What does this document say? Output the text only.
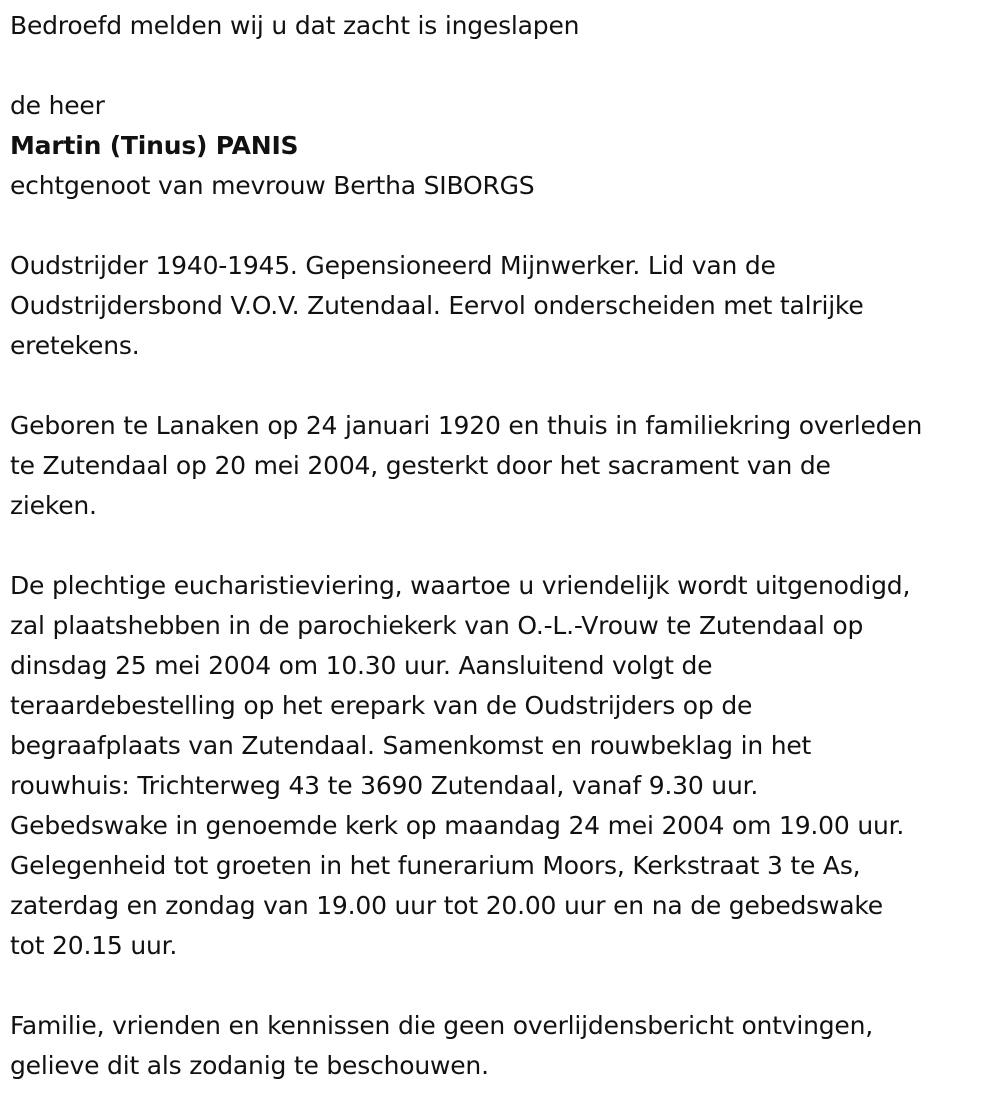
Bedroefd melden wij u dat zacht is ingeslapen

de heer

Martin (Tinus) PANIS

echtgenoot van mevrouw Bertha SIBORGS

Oudstrijder 1940-1945. Gepensioneerd Mijnwerker. Lid van de

Oudstrijdersbond V.O.V. Zutendaal. Eervol onderscheiden met talrijke

eretekens.

Geboren te Lanaken op 24 januari 1920 en thuis in familiekring overleden

te Zutendaal op 20 mei 2004, gesterkt door het sacrament van de

zieken.

De plechtige eucharistieviering, waartoe u vriendelijk wordt uitgenodigd,

zal plaatshebben in de parochiekerk van O.-L.-Vrouw te Zutendaal op

dinsdag 25 mei 2004 om 10.30 uur. Aansluitend volgt de

teraardebestelling op het erepark van de Oudstrijders op de

begraafplaats van Zutendaal. Samenkomst en rouwbeklag in het

rouwhuis: Trichterweg 43 te 3690 Zutendaal, vanaf 9.30 uur.

Gebedswake in genoemde kerk op maandag 24 mei 2004 om 19.00 uur.

Gelegenheid tot groeten in het funerarium Moors, Kerkstraat 3 te As,

zaterdag en zondag van 19.00 uur tot 20.00 uur en na de gebedswake

tot 20.15 uur.

Familie, vrienden en kennissen die geen overlijdensbericht ontvingen,

gelieve dit als zodanig te beschouwen.
